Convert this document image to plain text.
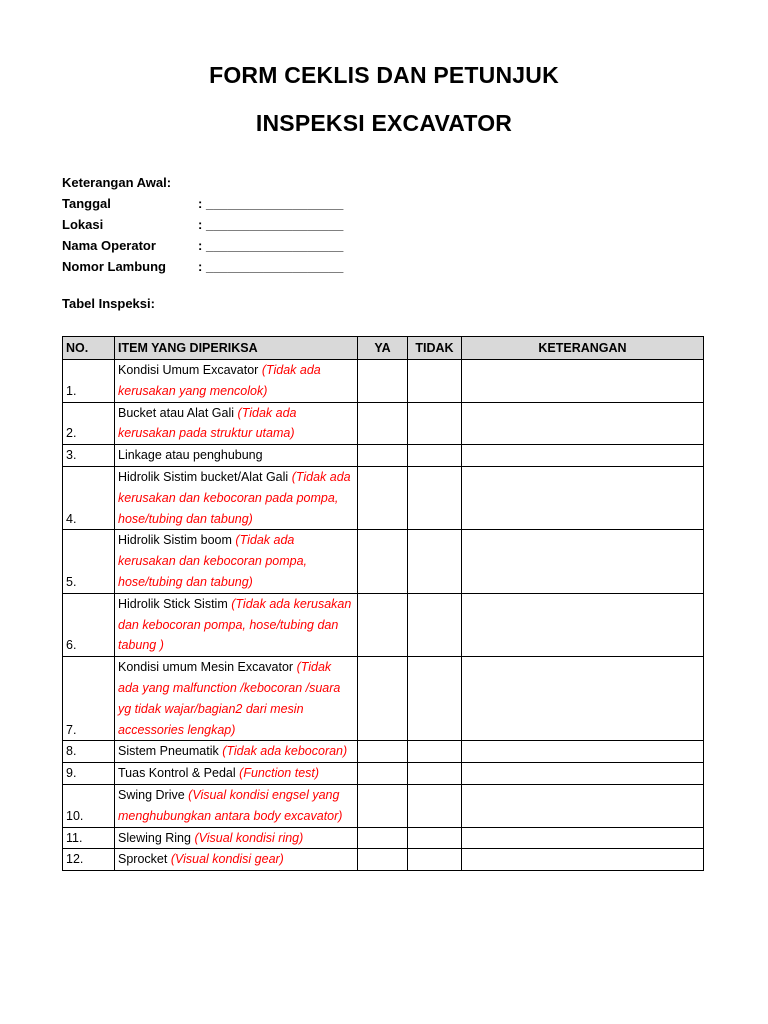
FORM CEKLIS DAN PETUNJUK
INSPEKSI EXCAVATOR
Keterangan Awal:
Tanggal	: ___________________
Lokasi	: ___________________
Nama Operator	: ___________________
Nomor Lambung	: ___________________
Tabel Inspeksi:
NO.	ITEM YANG DIPERIKSA	YA	TIDAK	KETERANGAN
1.	Kondisi Umum Excavator (Tidak ada kerusakan yang mencolok)			
2.	Bucket atau Alat Gali (Tidak ada kerusakan pada struktur utama)			
3.	Linkage atau penghubung			
4.	Hidrolik Sistim bucket/Alat Gali (Tidak ada kerusakan dan kebocoran pada pompa, hose/tubing dan tabung)			
5.	Hidrolik Sistim boom (Tidak ada kerusakan dan kebocoran pompa, hose/tubing dan tabung)			
6.	Hidrolik Stick Sistim (Tidak ada kerusakan dan kebocoran pompa, hose/tubing dan tabung )			
7.	Kondisi umum Mesin Excavator (Tidak ada yang malfunction /kebocoran /suara yg tidak wajar/bagian2 dari mesin accessories lengkap)			
8.	Sistem Pneumatik (Tidak ada kebocoran)			
9.	Tuas Kontrol & Pedal (Function test)			
10.	Swing Drive (Visual kondisi engsel yang menghubungkan antara body excavator)			
11.	Slewing Ring (Visual kondisi ring)			
12.	Sprocket (Visual kondisi gear)			
